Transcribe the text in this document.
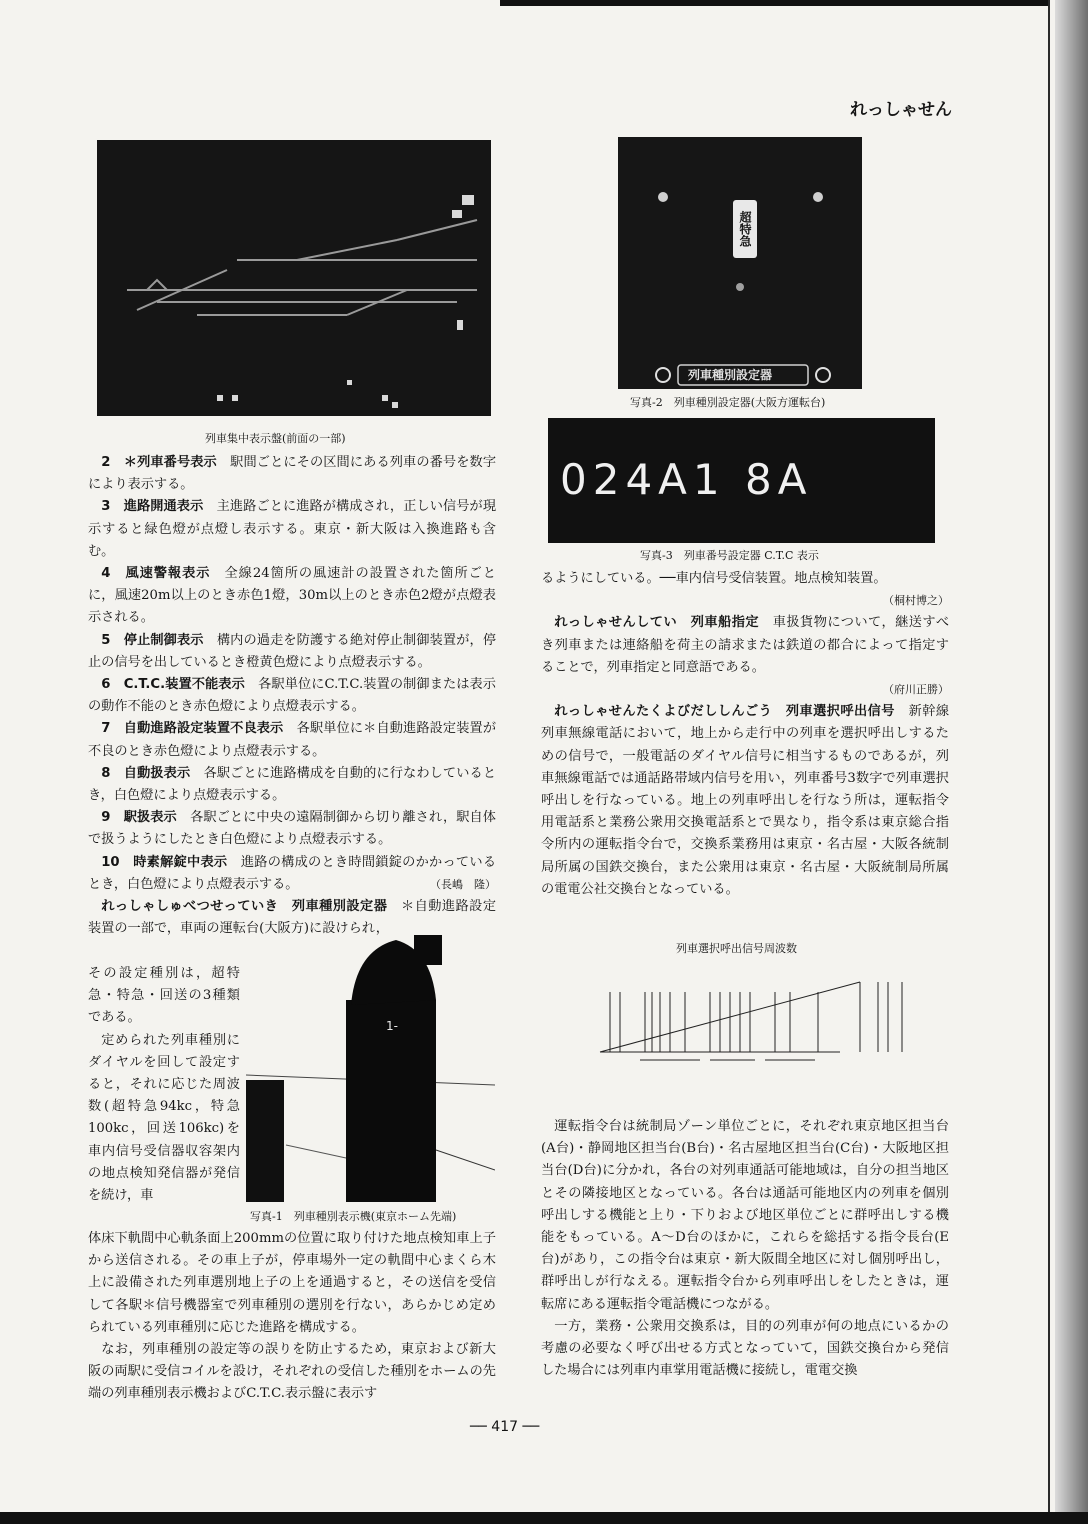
れっしゃせん
列車集中表示盤(前面の一部)
超特急
列車種別設定器
写真-2　列車種別設定器(大阪方運転台)
024A1 8A
写真-3　列車番号設定器 C.T.C 表示
1-

2　＊列車番号表示　 駅間ごとにその区間にある列車の番号を数字により表示する。

3　進路開通表示　 主進路ごとに進路が構成され，正しい信号が現示すると緑色燈が点燈し表示する。東京・新大阪は入換進路も含む。

4　風速警報表示　 全線24箇所の風速計の設置された箇所ごとに，風速20m以上のとき赤色1燈，30m以上のとき赤色2燈が点燈表示される。

5　停止制御表示　 構内の過走を防護する絶対停止制御装置が，停止の信号を出しているとき橙黄色燈により点燈表示する。

6　C.T.C.装置不能表示　 各駅単位にC.T.C.装置の制御または表示の動作不能のとき赤色燈により点燈表示する。

7　自動進路設定装置不良表示　 各駅単位に＊自動進路設定装置が不良のとき赤色燈により点燈表示する。

8　自動扱表示　 各駅ごとに進路構成を自動的に行なわしているとき，白色燈により点燈表示する。

9　駅扱表示　 各駅ごとに中央の遠隔制御から切り離され，駅自体で扱うようにしたとき白色燈により点燈表示する。

10　時素解錠中表示　 進路の構成のとき時間鎖錠のかかっているとき，白色燈により点燈表示する。	（長嶋　隆）

れっしゃしゅべつせっていき　列車種別設定器　 ＊自動進路設定装置の一部で，車両の運転台(大阪方)に設けられ，

その設定種別は，超特急・特急・回送の3種類である。

定められた列車種別にダイヤルを回して設定すると，それに応じた周波数(超特急94kc，特急100kc，回送106kc)を車内信号受信器収容架内の地点検知発信器が発信を続け，車

写真-1　列車種別表示機(東京ホーム先端)

体床下軌間中心軌条面上200mmの位置に取り付けた地点検知車上子から送信される。その車上子が，停車場外一定の軌間中心まくら木上に設備された列車選別地上子の上を通過すると，その送信を受信して各駅＊信号機器室で列車種別の選別を行ない，あらかじめ定められている列車種別に応じた進路を構成する。

なお，列車種別の設定等の誤りを防止するため，東京および新大阪の両駅に受信コイルを設け，それぞれの受信した種別をホームの先端の列車種別表示機およびC.T.C.表示盤に表示す

るようにしている。──車内信号受信装置。地点検知装置。

（桐村博之）

れっしゃせんしてい　列車船指定　 車扱貨物について，継送すべき列車または連絡船を荷主の請求または鉄道の都合によって指定することで，列車指定と同意語である。

（府川正勝）

れっしゃせんたくよびだししんごう　列車選択呼出信号　 新幹線列車無線電話において，地上から走行中の列車を選択呼出しするための信号で，一般電話のダイヤル信号に相当するものであるが，列車無線電話では通話路帯域内信号を用い，列車番号3数字で列車選択呼出しを行なっている。地上の列車呼出しを行なう所は，運転指令用電話系と業務公衆用交換電話系とで異なり，指令系は東京総合指令所内の運転指令台で，交換系業務用は東京・名古屋・大阪各統制局所属の国鉄交換台，また公衆用は東京・名古屋・大阪統制局所属の電電公社交換台となっている。

列車選択呼出信号周波数

運転指令台は統制局ゾーン単位ごとに，それぞれ東京地区担当台(A台)・静岡地区担当台(B台)・名古屋地区担当台(C台)・大阪地区担当台(D台)に分かれ，各台の対列車通話可能地域は，自分の担当地区とその隣接地区となっている。各台は通話可能地区内の列車を個別呼出しする機能と上り・下りおよび地区単位ごとに群呼出しする機能をもっている。A～D台のほかに，これらを総括する指令長台(E台)があり，この指令台は東京・新大阪間全地区に対し個別呼出し，群呼出しが行なえる。運転指令台から列車呼出しをしたときは，運転席にある運転指令電話機につながる。

一方，業務・公衆用交換系は，目的の列車が何の地点にいるかの考慮の必要なく呼び出せる方式となっていて，国鉄交換台から発信した場合には列車内車掌用電話機に接続し，電電交換

── 417 ──
